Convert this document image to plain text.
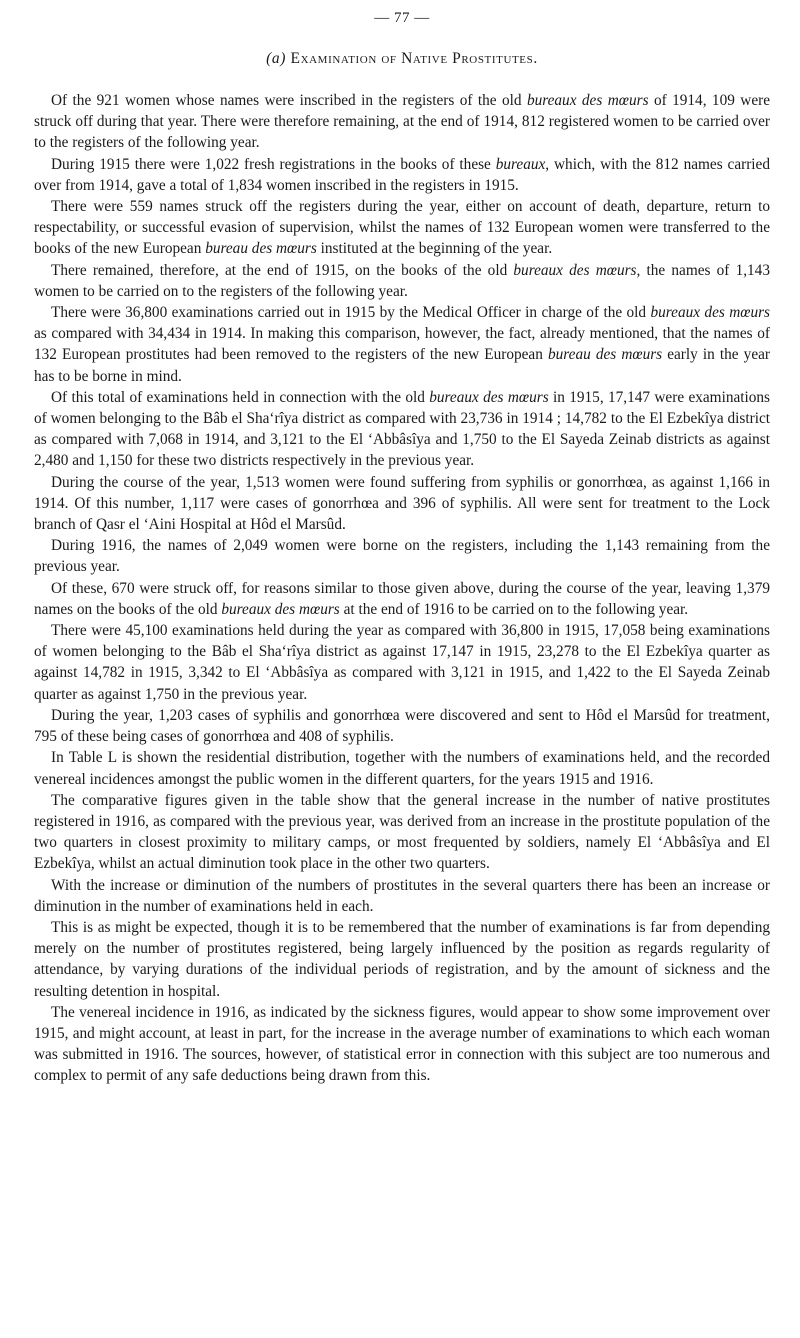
— 77 —
(a) Examination of Native Prostitutes.

Of the 921 women whose names were inscribed in the registers of the old bureaux des mœurs of 1914, 109 were struck off during that year. There were therefore remaining, at the end of 1914, 812 registered women to be carried over to the registers of the following year.

During 1915 there were 1,022 fresh registrations in the books of these bureaux, which, with the 812 names carried over from 1914, gave a total of 1,834 women inscribed in the registers in 1915.

There were 559 names struck off the registers during the year, either on account of death, departure, return to respectability, or successful evasion of supervision, whilst the names of 132 European women were transferred to the books of the new European bureau des mœurs instituted at the beginning of the year.

There remained, therefore, at the end of 1915, on the books of the old bureaux des mœurs, the names of 1,143 women to be carried on to the registers of the following year.

There were 36,800 examinations carried out in 1915 by the Medical Officer in charge of the old bureaux des mœurs as compared with 34,434 in 1914. In making this comparison, however, the fact, already mentioned, that the names of 132 European prostitutes had been removed to the registers of the new European bureau des mœurs early in the year has to be borne in mind.

Of this total of examinations held in connection with the old bureaux des mœurs in 1915, 17,147 were examinations of women belonging to the Bâb el Sha‘rîya district as compared with 23,736 in 1914 ; 14,782 to the El Ezbekîya district as compared with 7,068 in 1914, and 3,121 to the El ‘Abbâsîya and 1,750 to the El Sayeda Zeinab districts as against 2,480 and 1,150 for these two districts respectively in the previous year.

During the course of the year, 1,513 women were found suffering from syphilis or gonorrhœa, as against 1,166 in 1914. Of this number, 1,117 were cases of gonorrhœa and 396 of syphilis. All were sent for treatment to the Lock branch of Qasr el ‘Aini Hospital at Hôd el Marsûd.

During 1916, the names of 2,049 women were borne on the registers, including the 1,143 remaining from the previous year.

Of these, 670 were struck off, for reasons similar to those given above, during the course of the year, leaving 1,379 names on the books of the old bureaux des mœurs at the end of 1916 to be carried on to the following year.

There were 45,100 examinations held during the year as compared with 36,800 in 1915, 17,058 being examinations of women belonging to the Bâb el Sha‘rîya district as against 17,147 in 1915, 23,278 to the El Ezbekîya quarter as against 14,782 in 1915, 3,342 to El ‘Abbâsîya as compared with 3,121 in 1915, and 1,422 to the El Sayeda Zeinab quarter as against 1,750 in the previous year.

During the year, 1,203 cases of syphilis and gonorrhœa were discovered and sent to Hôd el Marsûd for treatment, 795 of these being cases of gonorrhœa and 408 of syphilis.

In Table L is shown the residential distribution, together with the numbers of examinations held, and the recorded venereal incidences amongst the public women in the different quarters, for the years 1915 and 1916.

The comparative figures given in the table show that the general increase in the number of native prostitutes registered in 1916, as compared with the previous year, was derived from an increase in the prostitute population of the two quarters in closest proximity to military camps, or most frequented by soldiers, namely El ‘Abbâsîya and El Ezbekîya, whilst an actual diminution took place in the other two quarters.

With the increase or diminution of the numbers of prostitutes in the several quarters there has been an increase or diminution in the number of examinations held in each.

This is as might be expected, though it is to be remembered that the number of examinations is far from depending merely on the number of prostitutes registered, being largely influenced by the position as regards regularity of attendance, by varying durations of the individual periods of registration, and by the amount of sickness and the resulting detention in hospital.

The venereal incidence in 1916, as indicated by the sickness figures, would appear to show some improvement over 1915, and might account, at least in part, for the increase in the average number of examinations to which each woman was submitted in 1916. The sources, however, of statistical error in connection with this subject are too numerous and complex to permit of any safe deductions being drawn from this.
